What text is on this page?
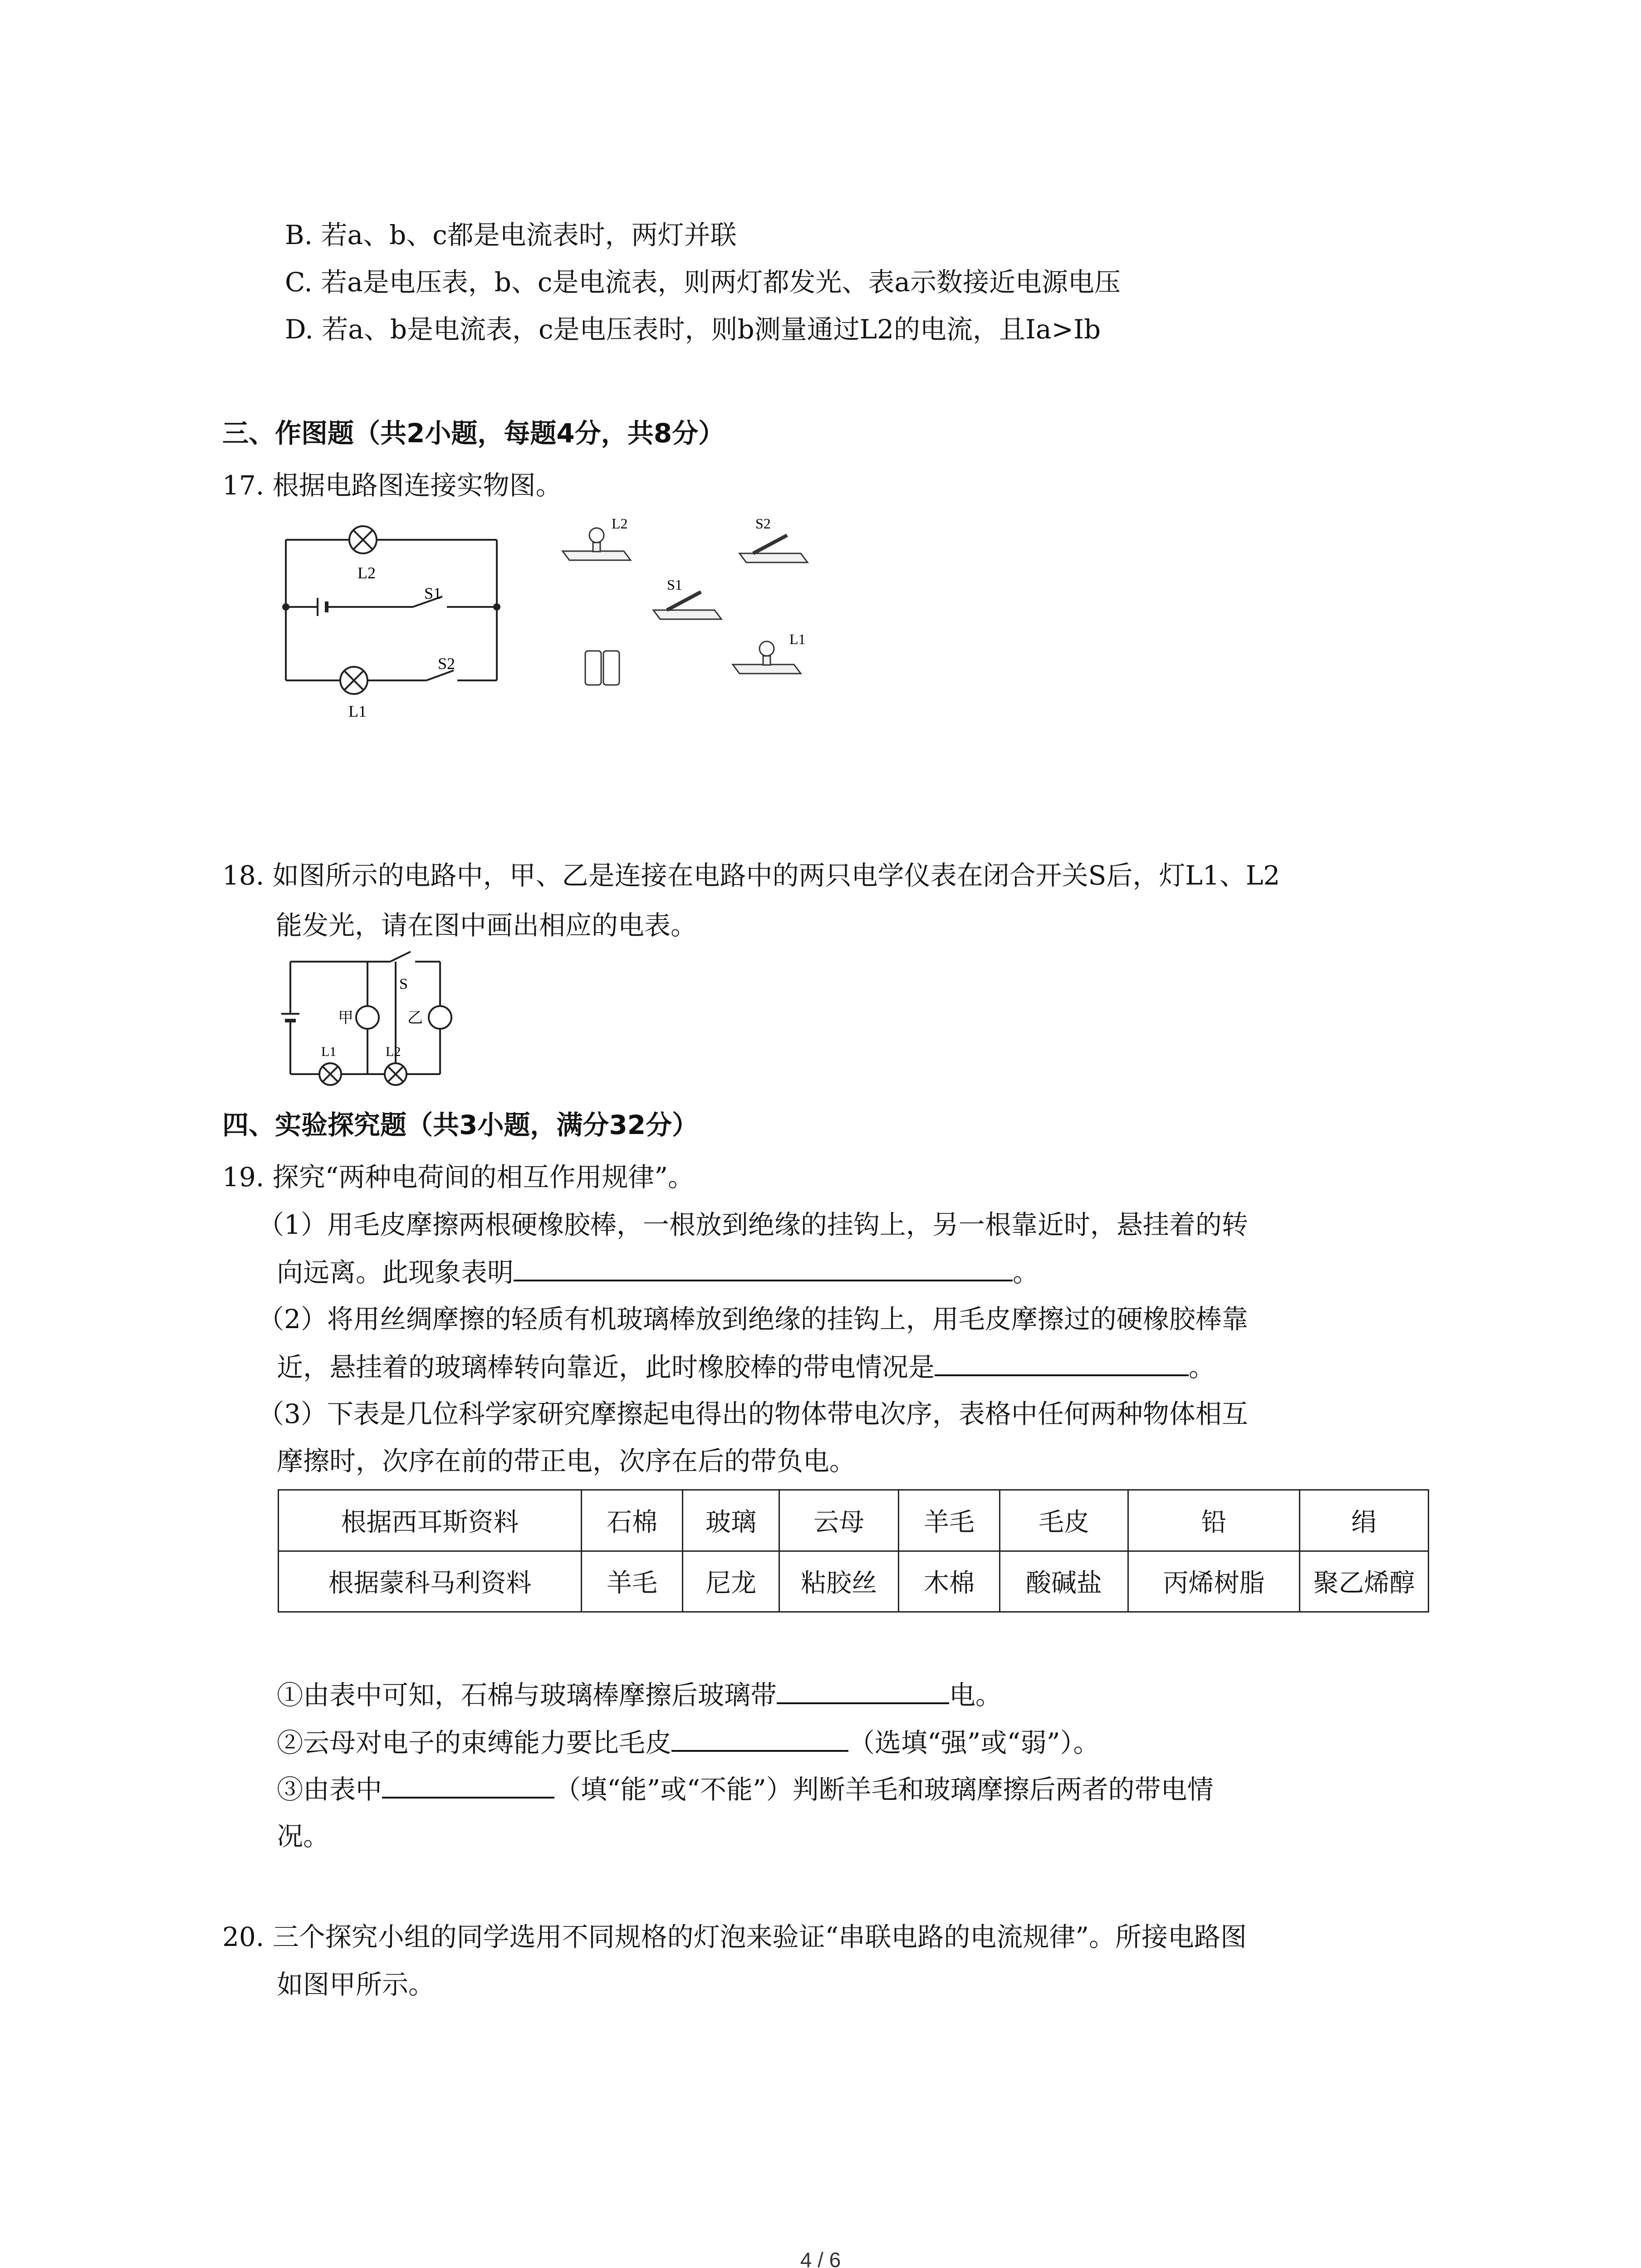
B. 若a、b、c都是电流表时，两灯并联
C. 若a是电压表，b、c是电流表，则两灯都发光、表a示数接近电源电压
D. 若a、b是电流表，c是电压表时，则b测量通过L2的电流，且Ia>Ib
三、作图题（共2小题，每题4分，共8分）
17. 根据电路图连接实物图。
L2
S1
S2
L1
L2	S2
S1
L1
18. 如图所示的电路中，甲、乙是连接在电路中的两只电学仪表在闭合开关S后，灯L1、L2
能发光，请在图中画出相应的电表。
S
甲	乙
L1	L2
四、实验探究题（共3小题，满分32分）
19. 探究“两种电荷间的相互作用规律”。
（1）用毛皮摩擦两根硬橡胶棒，一根放到绝缘的挂钩上，另一根靠近时，悬挂着的转
向远离。此现象表明	。
（2）将用丝绸摩擦的轻质有机玻璃棒放到绝缘的挂钩上，用毛皮摩擦过的硬橡胶棒靠
近，悬挂着的玻璃棒转向靠近，此时橡胶棒的带电情况是	。
（3）下表是几位科学家研究摩擦起电得出的物体带电次序，表格中任何两种物体相互
摩擦时，次序在前的带正电，次序在后的带负电。
根据西耳斯资料	石棉	玻璃	云母	羊毛	毛皮	铅	绢
根据蒙科马利资料	羊毛	尼龙	粘胶丝	木棉	酸碱盐	丙烯树脂	聚乙烯醇
①由表中可知，石棉与玻璃棒摩擦后玻璃带	电。
②云母对电子的束缚能力要比毛皮	（选填“强”或“弱”）。
③由表中	（填“能”或“不能”）判断羊毛和玻璃摩擦后两者的带电情
况。
20. 三个探究小组的同学选用不同规格的灯泡来验证“串联电路的电流规律”。所接电路图
如图甲所示。
4 / 6
